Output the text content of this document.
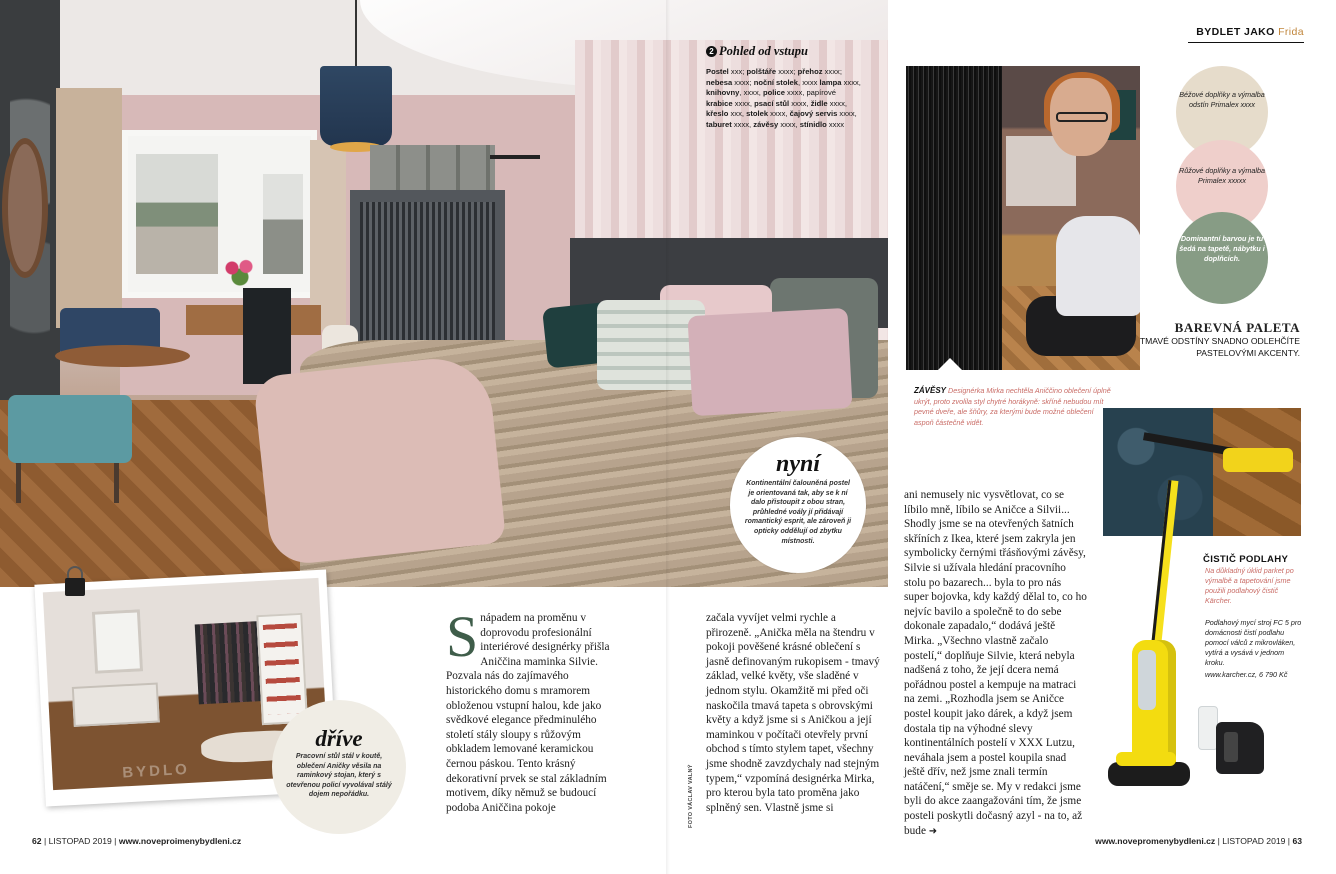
2 Pohled od vstupu
Postel xxx; polštáře xxxx; přehoz xxxx; nebesa xxxx; noční stolek, xxxx lampa xxxx, knihovny, xxxx, police xxxx, papírové krabice xxxx, psací stůl xxxx, židle xxxx, křeslo xxx, stolek xxxx, čajový servis xxxx, taburet xxxx, závěsy xxxx, stínidlo xxxx
nyní
Kontinentální čalouněná postel je orientovaná tak, aby se k ní dalo přistoupit z obou stran, průhledné voály jí přidávají romantický esprit, ale zároveň ji opticky oddělují od zbytku místnosti.
BYDLO
dříve
Pracovní stůl stál v koutě, oblečení Aničky věsila na raminkový stojan, který s otevřenou policí vyvolával stálý dojem nepořádku.
Snápadem na proměnu v doprovodu profesionální interiérové designérky přišla Aniččina maminka Silvie. Pozvala nás do zajímavého historického domu s mramorem obloženou vstupní halou, kde jako svědkové elegance předminulého století stály sloupy s růžovým obkladem lemované keramickou černou páskou. Tento krásný dekorativní prvek se stal základním motivem, díky němuž se budoucí podoba Aniččina pokoje
začala vyvíjet velmi rychle a přirozeně. „Anička měla na štendru v pokoji pověšené krásné oblečení s jasně definovaným rukopisem - tmavý základ, velké květy, vše sladěné v jednom stylu. Okamžitě mi před oči naskočila tmavá tapeta s obrovskými květy a když jsme si s Aničkou a její maminkou v počítači otevřely první obchod s tímto stylem tapet, všechny jsme shodně zavzdychaly nad stejným typem,“ vzpomíná designérka Mirka, pro kterou byla tato proměna jako splněný sen. Vlastně jsme si
ani nemusely nic vysvětlovat, co se líbilo mně, líbilo se Aničce a Silvii... Shodly jsme se na otevřených šatních skříních z Ikea, které jsem zakryla jen symbolicky černými třásňovými závěsy, Silvie si užívala hledání pracovního stolu po bazarech... byla to pro nás super bojovka, kdy každý dělal to, co ho nejvíc bavilo a společně to do sebe dokonale zapadalo,“ dodává ještě Mirka. „Všechno vlastně začalo postelí,“ doplňuje Silvie, která nebyla nadšená z toho, že její dcera nemá pořádnou postel a kempuje na matraci na zemi. „Rozhodla jsem se Aničce postel koupit jako dárek, a když jsem dostala tip na výhodné slevy kontinentálních postelí v XXX Lutzu, neváhala jsem a postel koupila snad ještě dřív, než jsme znali termín natáčení,“ směje se. My v redakci jsme byli do akce zaangažováni tím, že jsme posteli poskytli dočasný azyl - na to, až bude ➜
FOTO VÁCLAV VALNÝ
BYDLET JAKO Frida
ZÁVĚSY Designérka Mirka nechtěla Aniččino oblečení úplně ukrýt, proto zvolila styl chytré horákyně: skříně nebudou mít pevné dveře, ale šňůry, za kterými bude možné oblečení aspoň částečně vidět.
Béžové doplňky a výmalba odstín Primalex xxxx
Růžové doplňky a výmalba Primalex xxxxx
Dominantní barvou je tu šedá na tapetě, nábytku i doplňcích.
BAREVNÁ PALETA
TMAVÉ ODSTÍNY SNADNO ODLEHČÍTE PASTELOVÝMI AKCENTY.
ČISTIČ PODLAHY
Na důkladný úklid parket po výmalbě a tapetování jsme použili podlahový čistič Kärcher.
Podlahový mycí stroj FC 5 pro domácnosti čistí podlahu pomocí válců z mikrovláken, vytírá a vysává v jednom kroku.
www.karcher.cz, 6 790 Kč
62 | LISTOPAD 2019 | www.noveproimenybydleni.cz	www.novepromenybydleni.cz | LISTOPAD 2019 | 63
